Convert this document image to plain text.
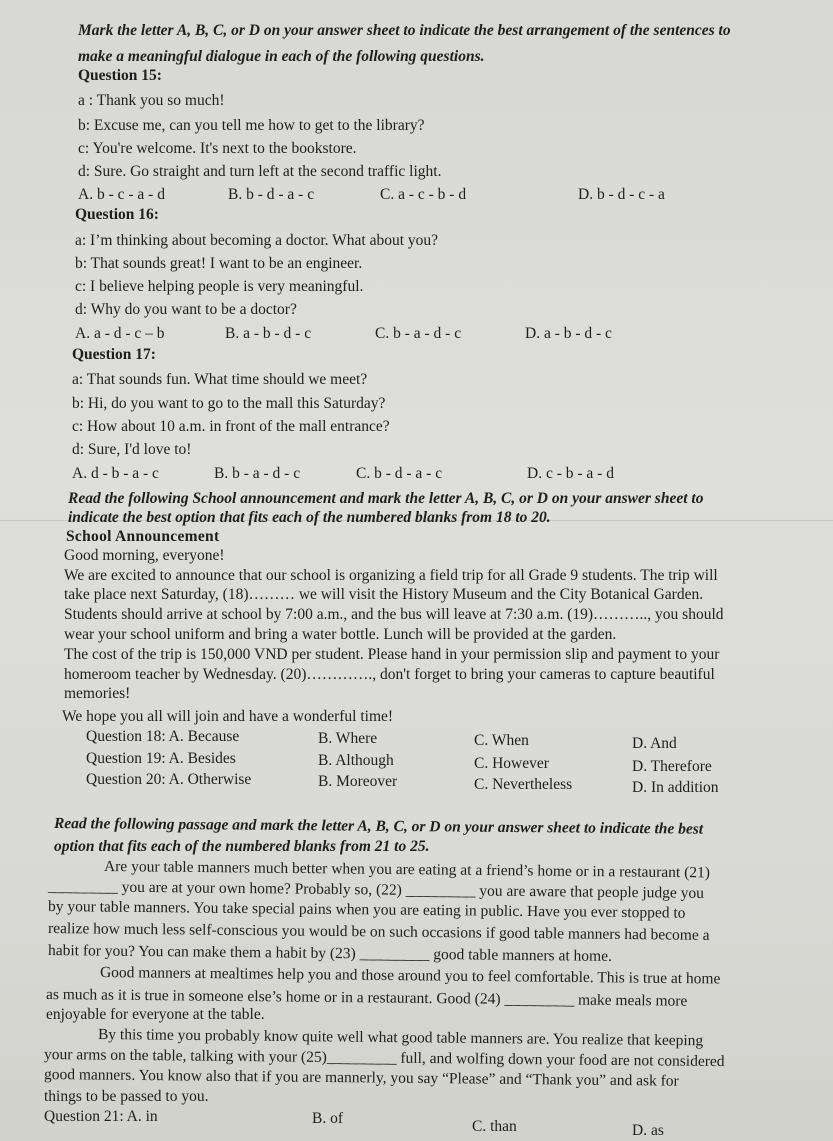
Mark the letter A, B, C, or D on your answer sheet to indicate the best arrangement of the sentences to
make a meaningful dialogue in each of the following questions.
Question 15:
a : Thank you so much!
b: Excuse me, can you tell me how to get to the library?
c: You're welcome. It's next to the bookstore.
d: Sure. Go straight and turn left at the second traffic light.
A. b - c - a - d	B. b - d - a - c	C. a - c - b - d	D. b - d - c - a
Question 16:
a: I’m thinking about becoming a doctor. What about you?
b: That sounds great! I want to be an engineer.
c: I believe helping people is very meaningful.
d: Why do you want to be a doctor?
A. a - d - c – b	B. a - b - d - c	C. b - a - d - c	D. a - b - d - c
Question 17:
a: That sounds fun. What time should we meet?
b: Hi, do you want to go to the mall this Saturday?
c: How about 10 a.m. in front of the mall entrance?
d: Sure, I'd love to!
A. d - b - a - c	B. b - a - d - c	C. b - d - a - c	D. c - b - a - d
Read the following School announcement and mark the letter A, B, C, or D on your answer sheet to
indicate the best option that fits each of the numbered blanks from 18 to 20.
School Announcement
Good morning, everyone!
We are excited to announce that our school is organizing a field trip for all Grade 9 students. The trip will
take place next Saturday, (18)……… we will visit the History Museum and the City Botanical Garden.
Students should arrive at school by 7:00 a.m., and the bus will leave at 7:30 a.m. (19)……….., you should
wear your school uniform and bring a water bottle. Lunch will be provided at the garden.
The cost of the trip is 150,000 VND per student. Please hand in your permission slip and payment to your
homeroom teacher by Wednesday. (20)…………., don't forget to bring your cameras to capture beautiful
memories!
We hope you all will join and have a wonderful time!
Question 18: A. Because	B. Where	C. When	D. And
Question 19: A. Besides	B. Although	C. However	D. Therefore
Question 20: A. Otherwise	B. Moreover	C. Nevertheless	D. In addition
Read the following passage and mark the letter A, B, C, or D on your answer sheet to indicate the best
option that fits each of the numbered blanks from 21 to 25.
Are your table manners much better when you are eating at a friend’s home or in a restaurant (21)
_________ you are at your own home? Probably so, (22) _________ you are aware that people judge you
by your table manners. You take special pains when you are eating in public. Have you ever stopped to
realize how much less self-conscious you would be on such occasions if good table manners had become a
habit for you? You can make them a habit by (23) _________ good table manners at home.
Good manners at mealtimes help you and those around you to feel comfortable. This is true at home
as much as it is true in someone else’s home or in a restaurant. Good (24) _________ make meals more
enjoyable for everyone at the table.
By this time you probably know quite well what good table manners are. You realize that keeping
your arms on the table, talking with your (25)_________ full, and wolfing down your food are not considered
good manners. You know also that if you are mannerly, you say “Please” and “Thank you” and ask for
things to be passed to you.
Question 21: A. in	B. of	C. than	D. as
